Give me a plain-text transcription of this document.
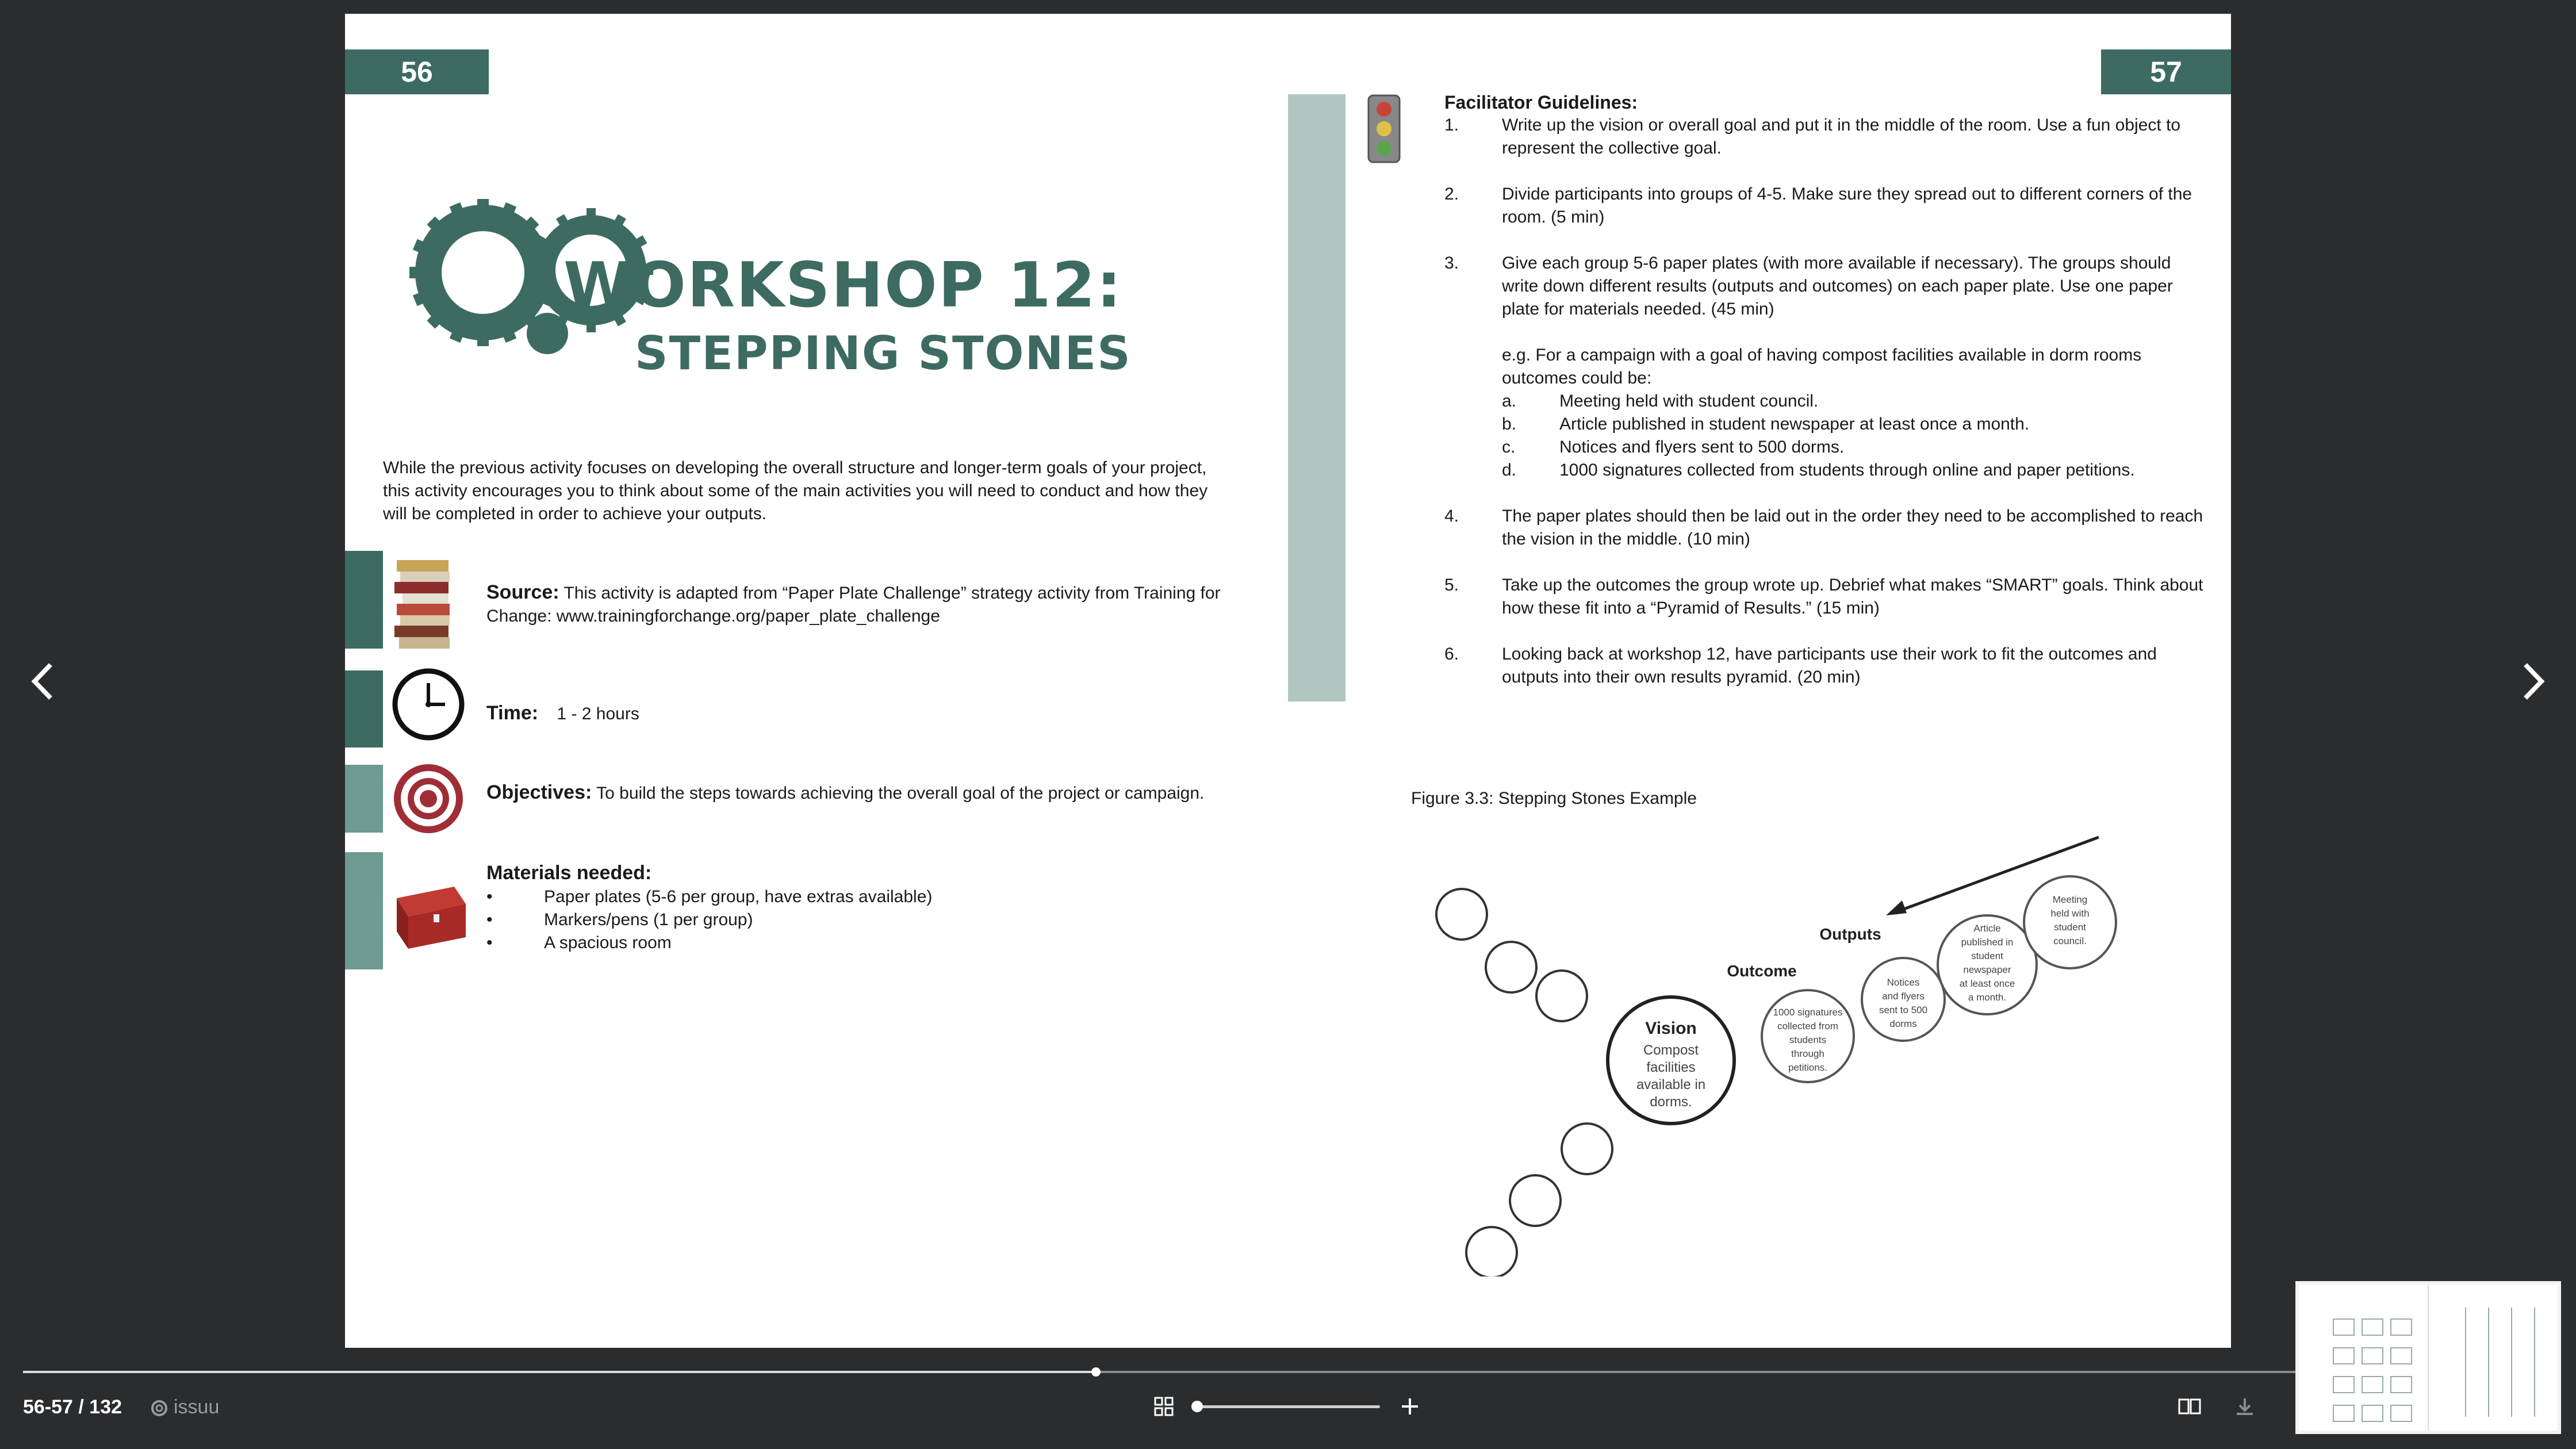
56
WORKSHOP 12:
STEPPING STONES
While the previous activity focuses on developing the overall structure and longer-term goals of your project, this activity encourages you to think about some of the main activities you will need to conduct and how they will be completed in order to achieve your outputs.
Source: This activity is adapted from “Paper Plate Challenge” strategy activity from Training for Change: www.trainingforchange.org/paper_plate_challenge
Time: 1 - 2 hours
Objectives: To build the steps towards achieving the overall goal of the project or campaign.
Materials needed:
•	Paper plates (5-6 per group, have extras available)
•	Markers/pens (1 per group)
•	A spacious room
57
Facilitator Guidelines:
1.	Write up the vision or overall goal and put it in the middle of the room. Use a fun object to represent the collective goal.
2.	Divide participants into groups of 4-5. Make sure they spread out to different corners of the room. (5 min)
3.	Give each group 5-6 paper plates (with more available if necessary). The groups should write down different results (outputs and outcomes) on each paper plate. Use one paper plate for materials needed. (45 min)
e.g. For a campaign with a goal of having compost facilities available in dorm rooms outcomes could be:
a.	Meeting held with student council.
b.	Article published in student newspaper at least once a month.
c.	Notices and flyers sent to 500 dorms.
d.	1000 signatures collected from students through online and paper petitions.
4.	The paper plates should then be laid out in the order they need to be accomplished to reach the vision in the middle. (10 min)
5.	Take up the outcomes the group wrote up. Debrief what makes “SMART” goals. Think about how these fit into a “Pyramid of Results.” (15 min)
6.	Looking back at workshop 12, have participants use their work to fit the outcomes and outputs into their own results pyramid. (20 min)
Figure 3.3: Stepping Stones Example
Vision
Compost
facilities
available in
dorms.
Outcome
1000 signatures
collected from
students
through
petitions.
Outputs
Notices
and flyers
sent to 500
dorms
Article
published in
student
newspaper
at least once
a month.
Meeting
held with
student
council.
56-57 / 132	issuu
